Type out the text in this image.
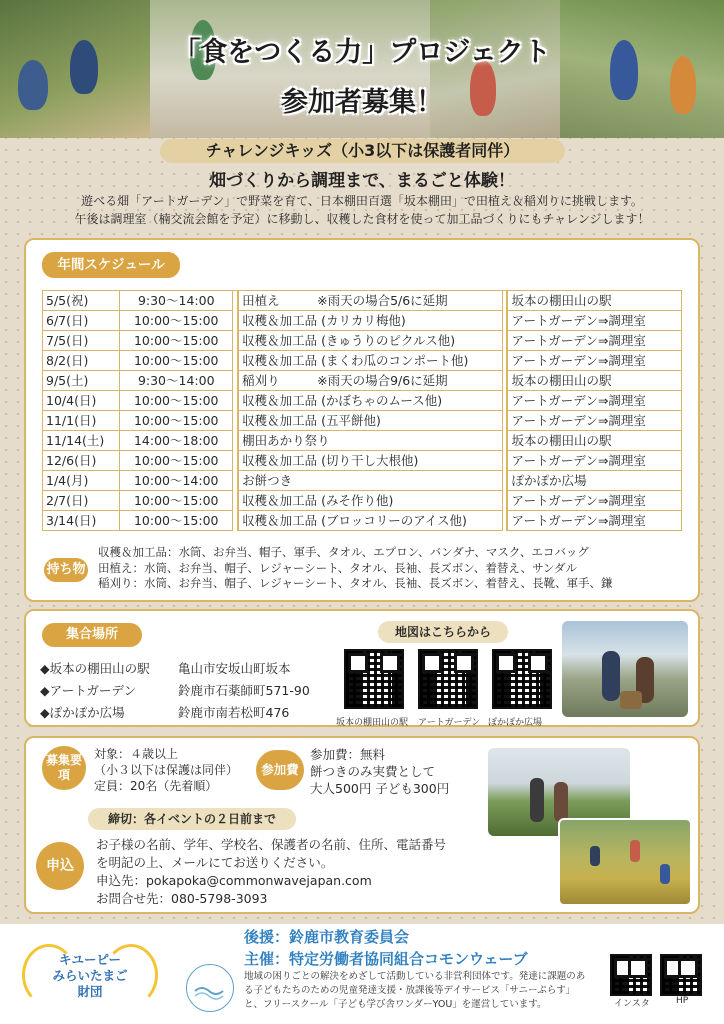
「食をつくる力」プロジェクト
参加者募集！
チャレンジキッズ（小3以下は保護者同伴）
畑づくりから調理まで、まるごと体験！
遊べる畑「アートガーデン」で野菜を育て、日本棚田百選「坂本棚田」で田植え＆稲刈りに挑戦します。
午後は調理室（楠交流会館を予定）に移動し、収穫した食材を使って加工品づくりにもチャレンジします！
年間スケジュール
5/5(祝)	9:30～14:00		田植え　　　※雨天の場合5/6に延期		坂本の棚田山の駅
6/7(日)	10:00～15:00		収穫＆加工品 (カリカリ梅他)		アートガーデン⇒調理室
7/5(日)	10:00～15:00		収穫＆加工品 (きゅうりのピクルス他)		アートガーデン⇒調理室
8/2(日)	10:00～15:00		収穫＆加工品 (まくわ瓜のコンポート他)		アートガーデン⇒調理室
9/5(土)	9:30～14:00		稲刈り　　　※雨天の場合9/6に延期		坂本の棚田山の駅
10/4(日)	10:00～15:00		収穫＆加工品 (かぼちゃのムース他)		アートガーデン⇒調理室
11/1(日)	10:00～15:00		収穫＆加工品 (五平餅他)		アートガーデン⇒調理室
11/14(土)	14:00～18:00		棚田あかり祭り		坂本の棚田山の駅
12/6(日)	10:00～15:00		収穫＆加工品 (切り干し大根他)		アートガーデン⇒調理室
1/4(月)	10:00～14:00		お餅つき		ぽかぽか広場
2/7(日)	10:00～15:00		収穫＆加工品 (みそ作り他)		アートガーデン⇒調理室
3/14(日)	10:00～15:00		収穫＆加工品 (ブロッコリーのアイス他)		アートガーデン⇒調理室
持ち物
収穫＆加工品：水筒、お弁当、帽子、軍手、タオル、エプロン、バンダナ、マスク、エコバッグ
田植え：水筒、お弁当、帽子、レジャーシート、タオル、長袖、長ズボン、着替え、サンダル
稲刈り：水筒、お弁当、帽子、レジャーシート、タオル、長袖、長ズボン、着替え、長靴、軍手、鎌
集合場所
◆坂本の棚田山の駅 亀山市安坂山町坂本
◆アートガーデン	鈴鹿市石薬師町571-90
◆ぽかぽか広場	鈴鹿市南若松町476
地図はこちらから
坂本の棚田山の駅 アートガーデン ぽかぽか広場
募集要項
対象：４歳以上
（小３以下は保護は同伴）
定員：20名（先着順）
参加費
参加費：無料
餅つきのみ実費として
大人500円 子ども300円
締切：各イベントの２日前まで
申込
お子様の名前、学年、学校名、保護者の名前、住所、電話番号
を明記の上、メールにてお送りください。
申込先：pokapoka@commonwavejapan.com
お問合せ先：080-5798-3093
キユーピー
みらいたまご
財団
後援：鈴鹿市教育委員会
主催：特定労働者協同組合コモンウェーブ
地域の困りごとの解決をめざして活動している非営利団体です。発達に課題のある子どもたちのための児童発達支援・放課後等デイサービス「サニーぷらす」と、フリースクール「子ども学び舎ワンダーYOU」を運営しています。	インスタ	HP
